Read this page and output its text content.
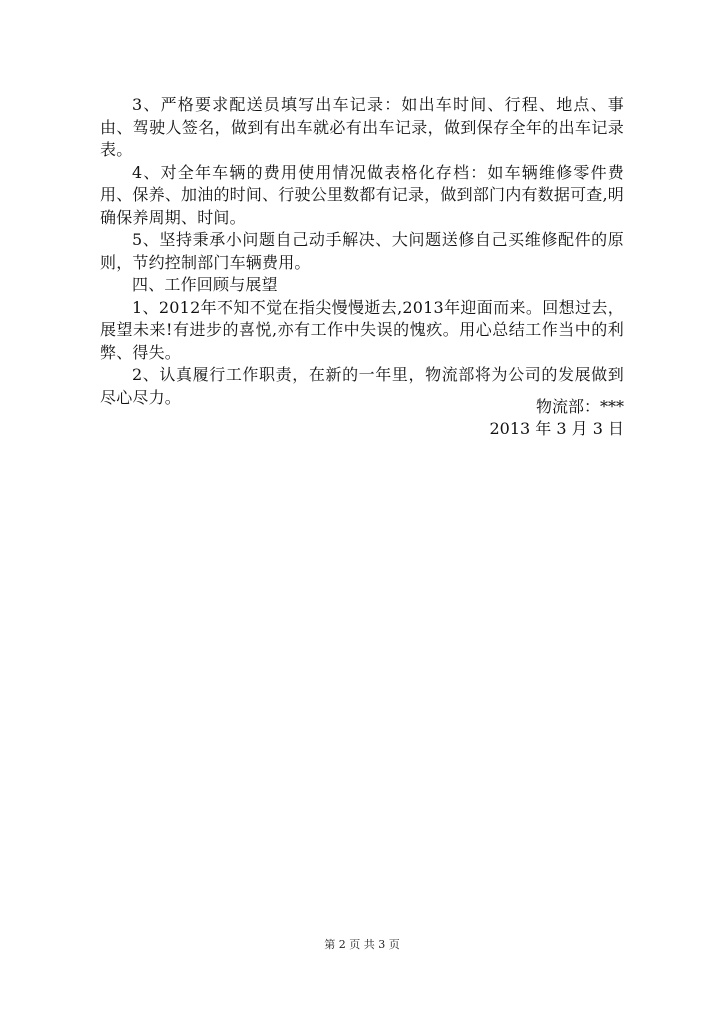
3、严格要求配送员填写出车记录：如出车时间、行程、地点、事由、驾驶人签名，做到有出车就必有出车记录，做到保存全年的出车记录表。

4、对全年车辆的费用使用情况做表格化存档：如车辆维修零件费用、保养、加油的时间、行驶公里数都有记录，做到部门内有数据可查,明确保养周期、时间。

5、坚持秉承小问题自己动手解决、大问题送修自己买维修配件的原则，节约控制部门车辆费用。

四、工作回顾与展望

1、2012年不知不觉在指尖慢慢逝去,2013年迎面而来。回想过去，展望未来!有进步的喜悦,亦有工作中失误的愧疚。用心总结工作当中的利弊、得失。

2、认真履行工作职责，在新的一年里，物流部将为公司的发展做到尽心尽力。	物流部：***
2013 年 3 月 3 日
第 2 页 共 3 页
